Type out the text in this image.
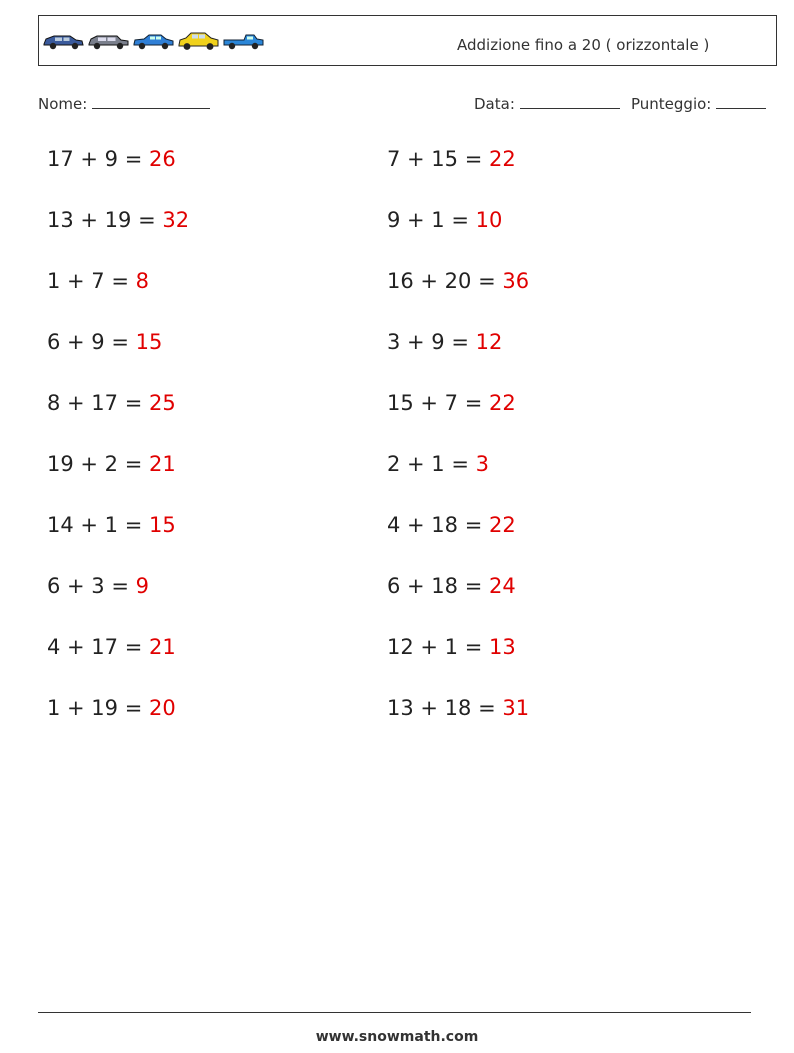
Addizione fino a 20 ( orizzontale )
Nome:	Data:	Punteggio:
17 + 9 = 26	7 + 15 = 22
13 + 19 = 32	9 + 1 = 10
1 + 7 = 8	16 + 20 = 36
6 + 9 = 15	3 + 9 = 12
8 + 17 = 25	15 + 7 = 22
19 + 2 = 21	2 + 1 = 3
14 + 1 = 15	4 + 18 = 22
6 + 3 = 9	6 + 18 = 24
4 + 17 = 21	12 + 1 = 13
1 + 19 = 20	13 + 18 = 31
www.snowmath.com
